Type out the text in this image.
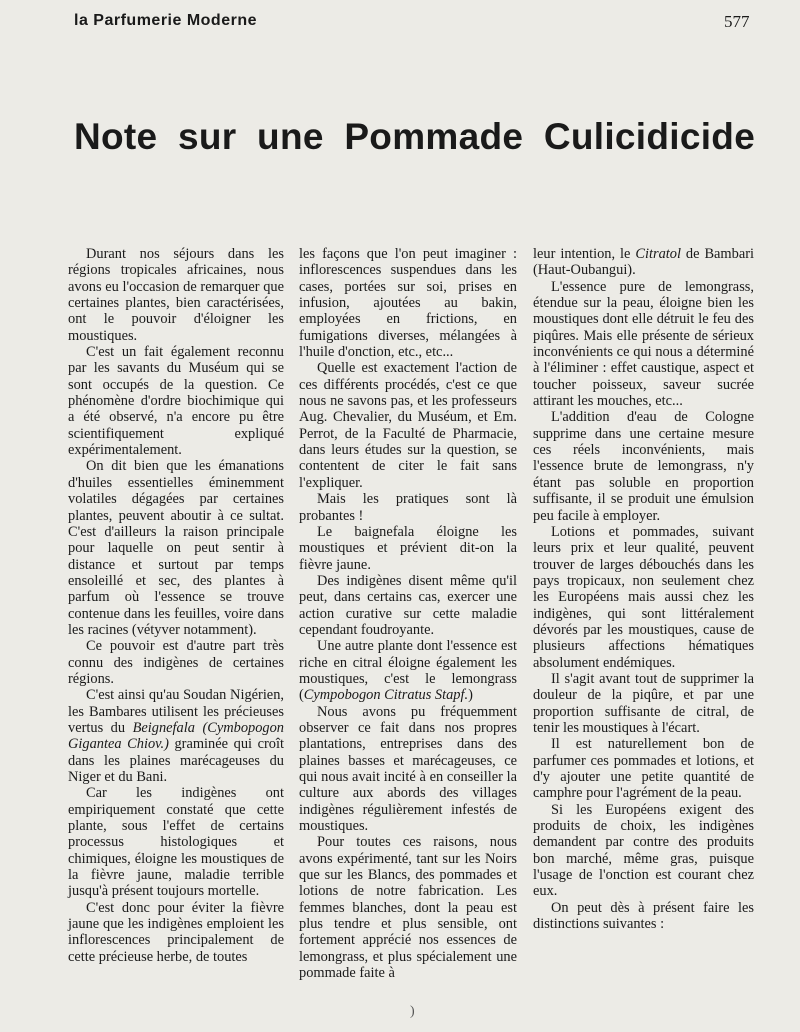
la Parfumerie Moderne	577
Note sur une Pommade Culicidicide

Durant nos séjours dans les régions tropicales africaines, nous avons eu l'occasion de remarquer que certaines plantes, bien caractérisées, ont le pouvoir d'éloigner les moustiques.

C'est un fait également reconnu par les savants du Muséum qui se sont occupés de la question. Ce phénomène d'ordre biochimique qui a été observé, n'a encore pu être scientifiquement expliqué expérimentalement.

On dit bien que les émanations d'huiles essentielles éminemment volatiles dégagées par certaines plantes, peuvent aboutir à ce sultat. C'est d'ailleurs la raison principale pour laquelle on peut sentir à distance et surtout par temps ensoleillé et sec, des plantes à parfum où l'essence se trouve contenue dans les feuilles, voire dans les racines (vétyver notamment).

Ce pouvoir est d'autre part très connu des indigènes de certaines régions.

C'est ainsi qu'au Soudan Nigérien, les Bambares utilisent les précieuses vertus du Beignefala (Cymbopogon Gigantea Chiov.) graminée qui croît dans les plaines marécageuses du Niger et du Bani.

Car les indigènes ont empiriquement constaté que cette plante, sous l'effet de certains processus histologiques et chimiques, éloigne les moustiques de la fièvre jaune, maladie terrible jusqu'à présent toujours mortelle.

C'est donc pour éviter la fièvre jaune que les indigènes emploient les inflorescences principalement de cette précieuse herbe, de toutes

les façons que l'on peut imaginer : inflorescences suspendues dans les cases, portées sur soi, prises en infusion, ajoutées au bakin, employées en frictions, en fumigations diverses, mélangées à l'huile d'onction, etc., etc...

Quelle est exactement l'action de ces différents procédés, c'est ce que nous ne savons pas, et les professeurs Aug. Chevalier, du Muséum, et Em. Perrot, de la Faculté de Pharmacie, dans leurs études sur la question, se contentent de citer le fait sans l'expliquer.

Mais les pratiques sont là probantes !

Le baignefala éloigne les moustiques et prévient dit-on la fièvre jaune.

Des indigènes disent même qu'il peut, dans certains cas, exercer une action curative sur cette maladie cependant foudroyante.

Une autre plante dont l'essence est riche en citral éloigne également les moustiques, c'est le lemongrass (Cympobogon Citratus Stapf.)

Nous avons pu fréquemment observer ce fait dans nos propres plantations, entreprises dans des plaines basses et marécageuses, ce qui nous avait incité à en conseiller la culture aux abords des villages indigènes régulièrement infestés de moustiques.

Pour toutes ces raisons, nous avons expérimenté, tant sur les Noirs que sur les Blancs, des pommades et lotions de notre fabrication. Les femmes blanches, dont la peau est plus tendre et plus sensible, ont fortement apprécié nos essences de lemongrass, et plus spécialement une pommade faite à

leur intention, le Citratol de Bambari (Haut-Oubangui).

L'essence pure de lemongrass, étendue sur la peau, éloigne bien les moustiques dont elle détruit le feu des piqûres. Mais elle présente de sérieux inconvénients ce qui nous a déterminé à l'éliminer : effet caustique, aspect et toucher poisseux, saveur sucrée attirant les mouches, etc...

L'addition d'eau de Cologne supprime dans une certaine mesure ces réels inconvénients, mais l'essence brute de lemongrass, n'y étant pas soluble en proportion suffisante, il se produit une émulsion peu facile à employer.

Lotions et pommades, suivant leurs prix et leur qualité, peuvent trouver de larges débouchés dans les pays tropicaux, non seulement chez les Européens mais aussi chez les indigènes, qui sont littéralement dévorés par les moustiques, cause de plusieurs affections hématiques absolument endémiques.

Il s'agit avant tout de supprimer la douleur de la piqûre, et par une proportion suffisante de citral, de tenir les moustiques à l'écart.

Il est naturellement bon de parfumer ces pommades et lotions, et d'y ajouter une petite quantité de camphre pour l'agrément de la peau.

Si les Européens exigent des produits de choix, les indigènes demandent par contre des produits bon marché, même gras, puisque l'usage de l'onction est courant chez eux.

On peut dès à présent faire les distinctions suivantes :

)
